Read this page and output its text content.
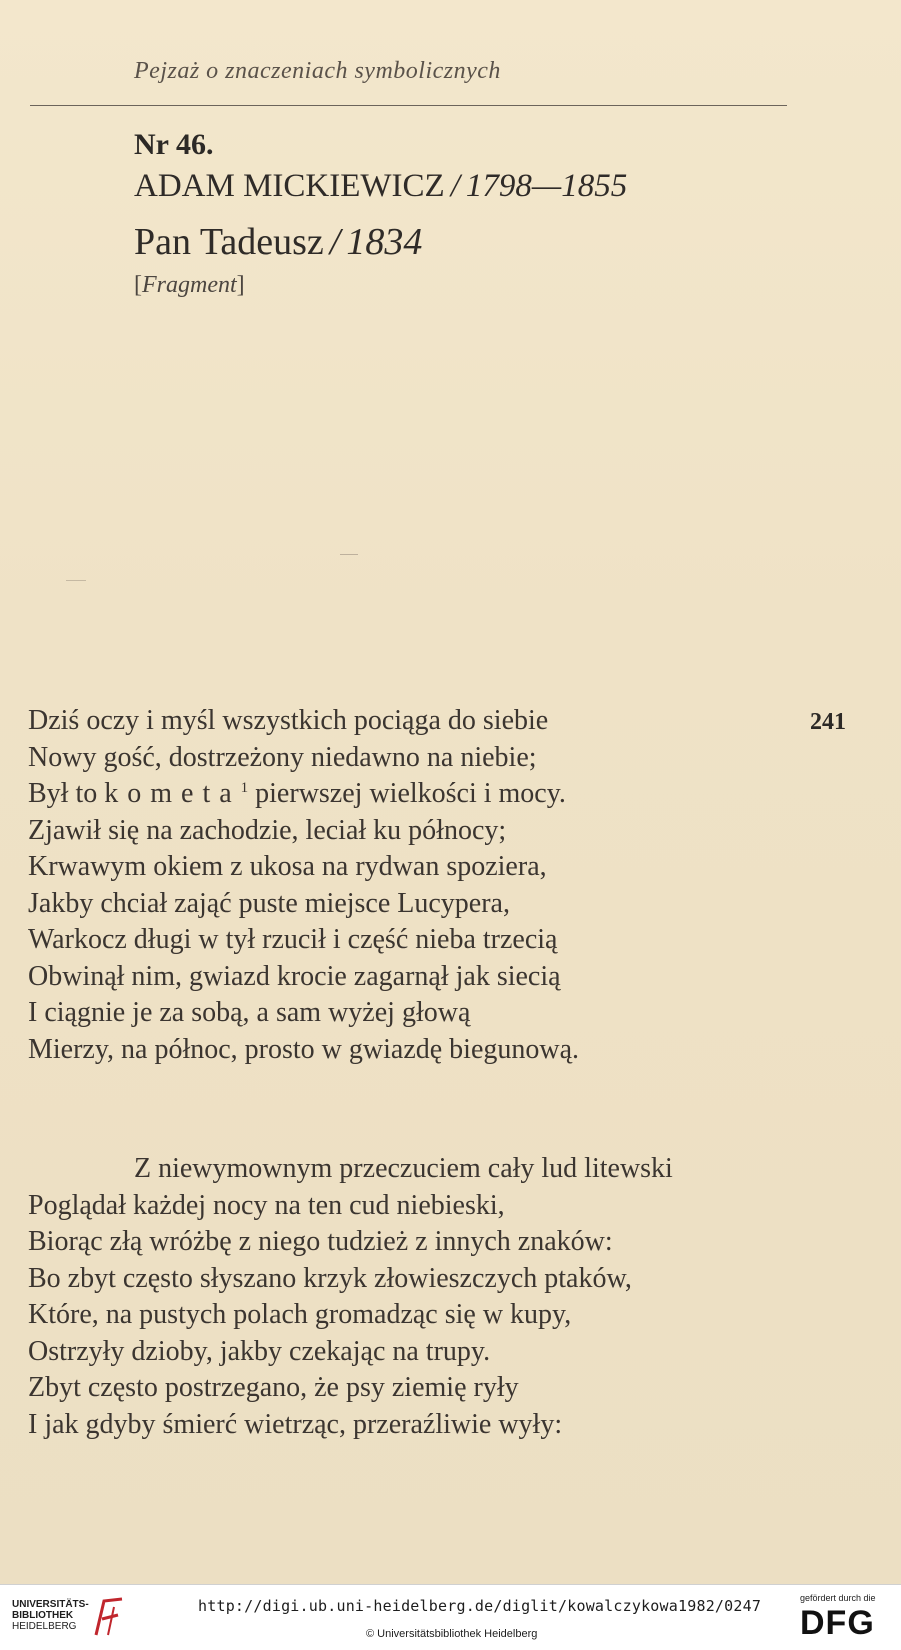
Pejzaż o znaczeniach symbolicznych
Nr 46.
ADAM MICKIEWICZ / 1798—1855
Pan Tadeusz / 1834
[Fragment]
241
Dziś oczy i myśl wszystkich pociąga do siebie
Nowy gość, dostrzeżony niedawno na niebie;
Był to kometa$^1$ pierwszej wielkości i mocy.
Zjawił się na zachodzie, leciał ku północy;
Krwawym okiem z ukosa na rydwan spoziera,
Jakby chciał zająć puste miejsce Lucypera,
Warkocz długi w tył rzucił i część nieba trzecią
Obwinął nim, gwiazd krocie zagarnął jak siecią
I ciągnie je za sobą, a sam wyżej głową
Mierzy, na północ, prosto w gwiazdę biegunową.
Z niewymownym przeczuciem cały lud litewski
Poglądał każdej nocy na ten cud niebieski,
Biorąc złą wróżbę z niego tudzież z innych znaków:
Bo zbyt często słyszano krzyk złowieszczych ptaków,
Które, na pustych polach gromadząc się w kupy,
Ostrzyły dzioby, jakby czekając na trupy.
Zbyt często postrzegano, że psy ziemię ryły
I jak gdyby śmierć wietrząc, przeraźliwie wyły:
UNIVERSITÄTS-
BIBLIOTHEK
HEIDELBERG
http://digi.ub.uni-heidelberg.de/diglit/kowalczykowa1982/0247
© Universitätsbibliothek Heidelberg
gefördert durch die
DFG
